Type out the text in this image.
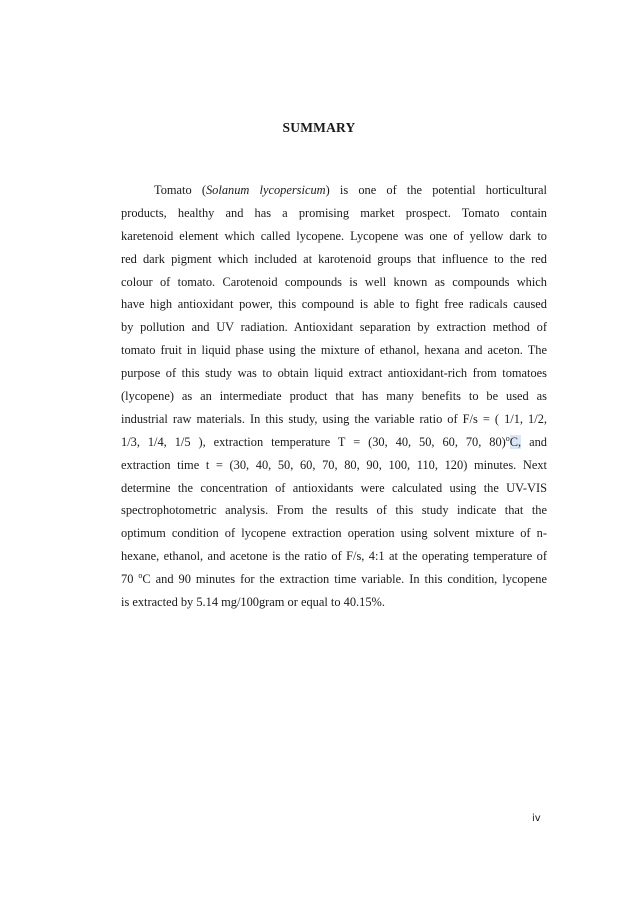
SUMMARY
Tomato (Solanum lycopersicum) is one of the potential horticultural
products, healthy and has a promising market prospect. Tomato contain
karetenoid element which called lycopene. Lycopene was one of yellow dark to
red dark pigment which included at karotenoid groups that influence to the red
colour of tomato. Carotenoid compounds is well known as compounds which
have high antioxidant power, this compound is able to fight free radicals caused
by pollution and UV radiation. Antioxidant separation by extraction method of
tomato fruit in liquid phase using the mixture of ethanol, hexana and aceton. The
purpose of this study was to obtain liquid extract antioxidant-rich from tomatoes
(lycopene) as an intermediate product that has many benefits to be used as
industrial raw materials. In this study, using the variable ratio of F/s = ( 1/1, 1/2,
1/3, 1/4, 1/5 ), extraction temperature T = (30, 40, 50, 60, 70, 80)$^o$C, and
extraction time t = (30, 40, 50, 60, 70, 80, 90, 100, 110, 120) minutes. Next
determine the concentration of antioxidants were calculated using the UV-VIS
spectrophotometric analysis. From the results of this study indicate that the
optimum condition of lycopene extraction operation using solvent mixture of n-
hexane, ethanol, and acetone is the ratio of F/s, 4:1 at the operating temperature of
70 $^o$C and 90 minutes for the extraction time variable. In this condition, lycopene
is extracted by 5.14 mg/100gram or equal to 40.15%.
iv
